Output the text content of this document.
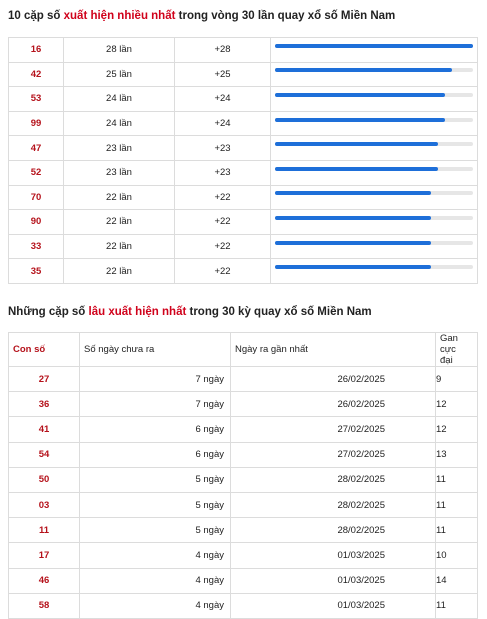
10 cặp số xuất hiện nhiều nhất trong vòng 30 lần quay xổ số Miền Nam
16	28 lần	+28	

42	25 lần	+25	

53	24 lần	+24	

99	24 lần	+24	

47	23 lần	+23	

52	23 lần	+23	

70	22 lần	+22	

90	22 lần	+22	

33	22 lần	+22	

35	22 lần	+22	
Những cặp số lâu xuất hiện nhất trong 30 kỳ quay xổ số Miền Nam
Con số	Số ngày chưa ra	Ngày ra gần nhất	Gan cực đại
27	7 ngày	26/02/2025	9
36	7 ngày	26/02/2025	12
41	6 ngày	27/02/2025	12
54	6 ngày	27/02/2025	13
50	5 ngày	28/02/2025	11
03	5 ngày	28/02/2025	11
11	5 ngày	28/02/2025	11
17	4 ngày	01/03/2025	10
46	4 ngày	01/03/2025	14
58	4 ngày	01/03/2025	11
